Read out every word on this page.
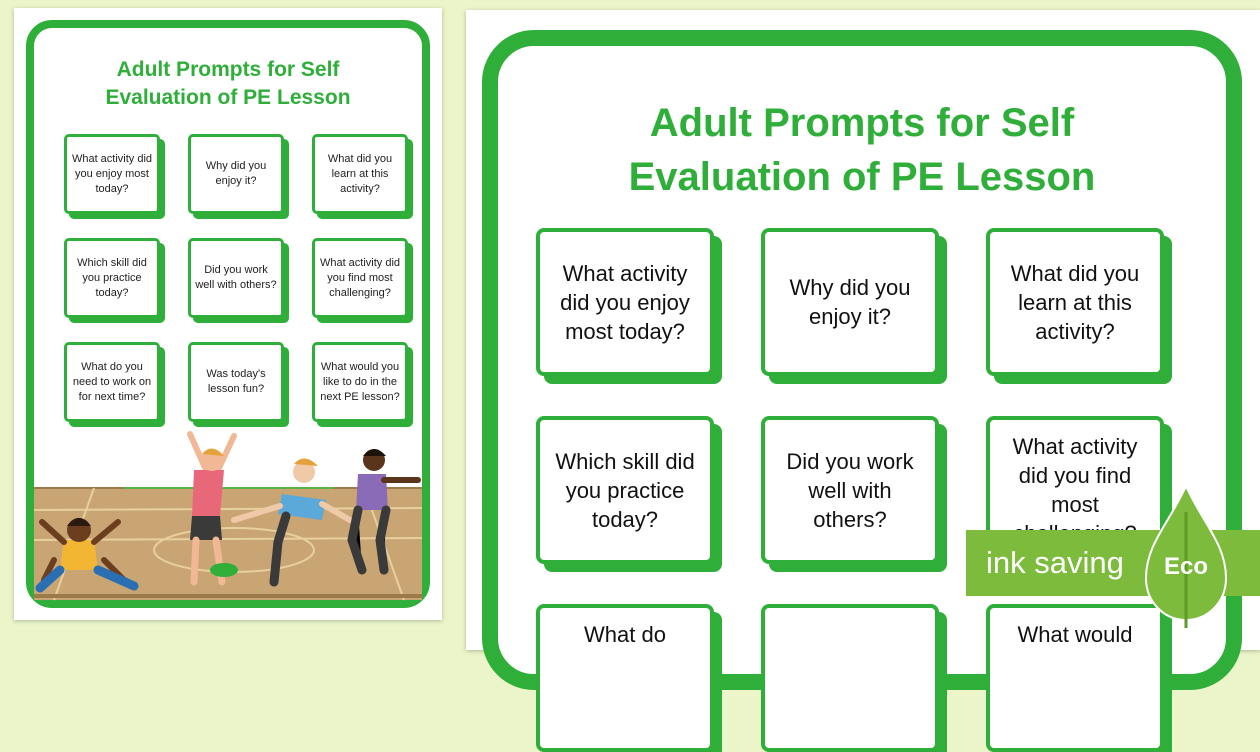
Adult Prompts for Self
Evaluation of PE Lesson
What activity did you enjoy most today?
Why did you enjoy it?
What did you learn at this activity?
Which skill did you practice today?
Did you work well with others?
What activity did you find most challenging?
What do you need to work on for next time?
Was today's lesson fun?
What would you like to do in the next PE lesson?
Adult Prompts for Self
Evaluation of PE Lesson
What activity did you enjoy most today?
Why did you enjoy it?
What did you learn at this activity?
Which skill did you practice today?
Did you work well with others?
What activity did you find most
What do	What would
ink saving Eco
